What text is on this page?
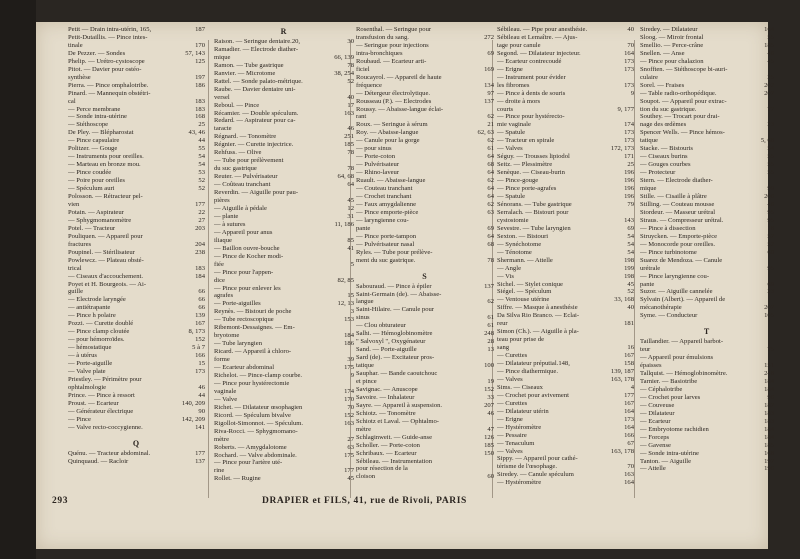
Petit — Drain intra-utérin, 165,	187
Petit-Dutaillis. — Pince intes-
tinale	170
De Pezzer. — Sondes	57, 143
Phelip. — Urétro-cystoscope	125
Pitot. — Davier pour ostéo-
synthèse	197
Pierra. — Pince omphalotribe.	186
Pinard. — Mannequin obstétri-
cal	183
— Perce membrane	183
— Sonde intra-utérine	168
— Stéthoscope	25
De Pley. — Blépharostat	43, 46
— Pince capsulaire	44
Politzer. — Gouge	55
— Instruments pour oreilles.	54
— Marteau en bronze mou.	54
— Pince coudée	53
— Poire pour oreilles	52
— Spéculum auri	52
Polosson. — Rétracteur pel-
vien	177
Potain. — Aspirateur	22
— Sphygmomanomètre	27
Potel. — Tracteur	203
Pouliquen. — Appareil pour
fractures	204
Poupinel. — Stérilisateur	238
Powlewcz. — Plateau obsté-
trical	183
— Ciseaux d'accouchement.	184
Poyet et H. Bourgeois. — Ai-
guille	66
— Electrode laryngée	66
— antiétrapante	66
— Pince h polaire	139
Pozzi. — Curette doublé	167
— Pince clamp cloutée	8, 173
— pour hémorroïdes.	152
— hémostatique	5 à 7
— à utérus	166
— Porte-aiguille	15
— Valve plate	173
Priestley. — Périmètre pour
ophtalmologie	46
Prince. — Pince à ressort	44
Proust. — Ecarteur	140, 209
— Générateur électrique	90
— Pince	142, 209
— Valve recto-coccygienne.	141
Q
Quénu. — Tracteur abdominal.	177
Quinquaud. — Racloir	137
R
Raison. — Seringue dentaire.20,	30
Ramadier. — Electrode diather-
mique	66, 139
Ramon. — Tube gastrique	78
Ranvier. — Microtome	38, 254
Rattel. — Sonde palato-métrique.	52
Raube. — Davier dentaire uni-
versel	40
Reboul. — Pince	17
Récamier. — Double spéculum.	163
Redard. — Aspirateur pour ca-
taracte	46
Régnard. — Tonomètre	251
Régnier. — Curette injectrice.	185
Rehfuss. — Olive	78
— Tube pour prélèvement
du suc gastrique	78
Reuter. — Pulvérisateur	64, 68
— Coûteau tranchant	64
Reverdin. — Aiguille pour pau-
pières	45
— Aiguille à pédale	12
— plante	31
— à sutures	11, 186
— Appareil pour anus
iliaque	85
— Baillon ouvre-bouche	41
— Pince de Kocher modi-
fiée	5
— Pince pour l'appen-
dice	82, 85
— Pince pour enlever les
agrafes	15
— Porte-aiguilles	12, 13
Reynès. — Bistouri de poche	3
— Tube rectoscopique	153
Ribemont-Dessaignes. — Em-
bryotome	184
— Tube laryngien	186
Ricard. — Appareil à chloro-
forme	39
— Ecarteur abdominal	175
Richelot. — Pince-clamp courbe.	9
— Pince pour hystérectomie
vaginale	174
— Valve	170
Richet. — Dilatateur œsophagien	70
Ricord. — Spéculum bivalve	152
Rigollot-Simonnot. — Spéculum.	163
Riva-Rocci. — Sphygmomano-
mètre	27
Roberts. — Amygdalotome	63
Rochard. — Valve abdominale.	175
— Pince pour l'artère uté-
rine	177
Rollet. — Rugine	45
Rosenthal. — Seringue pour
transfusion du sang.	272
— Seringue pour injections
intra-bronchiques	69
Roubaud. — Ecarteur arti-
ficiel	169
Roucayrol. — Appareil de haute
fréquence	134
— Détergeur électrolytique.	97
Rousseau (P.). — Electrodes	137
Roussy. — Abaisse-langue éclai-
rant	62
Roux. — Seringue à sérum	21
Roy. — Abaisse-langue	62, 63
— Canule pour la gorge	62
— pour sinus	61
— Porte-coton	64
— Pulvérisateur	68
— Rhino-laveur	64
Ruault. — Abaisse-langue	62
— Couteau tranchant	64
— Crochet tranchant	64
— Faux amygdalienne	62
— Pince emporte-pièce	63
— laryngienne cou-
pante	69
— Pince porte-tampon	64
— Pulvérisateur nasal	68
Ryles. — Tube pour prélève-
ment du suc gastrique.	78
S
Sabouraud. — Pince à épiler	137
Saint-Germain (de). — Abaisse-
langue	62
Saint-Hilaire. — Canule pour
sinus	61
— Clou obturateur	61
Salhi. — Hémoglobinomètre	248
" Salvoxyl ", Oxygénateur	28
Sand. — Porte-aiguille	13
Sard (de). — Excitateur pros-
tatique	100
Sauphar. — Bande caoutchouc
et pince	19
Savignac. — Anuscope	152
Savoire. — Inhalateur	33
Sayre. — Appareil à suspension.	207
Schiotz. — Tonomètre	46
Schiotz et Laval. — Ophtalmo-
mètre	47
Schlaginweit. — Guide-anse	126
Scholler. — Porte-coton	185
Schribaux. — Ecarteur	150
Sébileau. — Instrumentation
pour résection de la
cloison	60
Sébileau. — Pipe pour anesthésie.	40
Sébileau et Lemaître. — Ajus-
tage pour canule	70
Segond. — Dilatateur injecteur.	164
— Ecarteur contrecoudé	173
— Erigne	173
— Instrument pour évider
les fibromes	173
— Pince à dents de souris	9
— droite à mors
courts	9, 177
— Pince pour hystérecto-
mie vaginale	174
— Spatule	173
— Tracteur en spirale	173
— Valves	172, 173
Séguy. — Trousses lipiodol	171
Seitz. — Plessimètre	25
Senèque. — Ciseau-burin	196
— Pince-gouge	196
— Pince porte-agrafes	196
— Spatule	196
Sénorans. — Tube gastrique	79
Serralach. — Bistouri pour
cystostomie	143
Sevestre. — Tube laryngien	69
Sexton. — Bistouri	54
— Synéchotome	54
— Ténotome	54
Shermann. — Attelle	198
— Angle	199
— Vis	198
Sichel. — Stylet conique	45
Siégel. — Spéculum	52
— Ventouse utérine	33, 168
Siffre. — Masque à anesthésie	40
Da Silva Rio Branco. — Eclai-
reur	181
Simon (Ch.). — Aiguille à pla-
teau pour prise de
sang	16
— Curettes	167
— Dilatateur préputial.148,	158
— Pince diathermique.	139, 187
— Valves	163, 178
Sims. — Ciseaux	4
— Crochet pour avivement	177
— Curettes	167
— Dilatateur utérin	164
— Erigne	173
— Hystéromètre	164
— Pessaire	166
— Tenaculum	67
— Valves	163, 178
Sippy. — Appareil pour cathé-
térisme de l'œsophage.	70
Siredey. — Canule spéculum	163
— Hystéromètre	164
Siredey. — Dilatateur	164
Sloog. — Miroir frontal	55
Smellio. — Perce-crâne	185
Snellen. — Anse	46
— Pince pour chalazion	45
Snofften. — Stéthoscope bi-auri-
culaire	25
Sorel. — Fraises	202
— Table radio-orthopédique.	207
Soupot. — Appareil pour extrac-
tion du suc gastrique.	77
Southey. — Trocart pour drai-
nage des œdèmes	23
Spencer Wells. — Pince hémos-
tatique	5, 68
Stacke. — Bistouris	54
— Ciseaux burins	55
— Gouges courbes	55
— Protecteur	55
Stern. — Electrode diather-
mique	99
Stille. — Cisaille à plâtre	206
Stilling. — Couteau mousse	46
Stordeur. — Masseur urétral	95
Straus. — Compresseur urétral.	95
— Pince à dissection	18
Struycken. — Emporte-pièce	57
— Monocorde pour oreilles.	52
— Pince turbinotome	60
Suarez de Mendoza. — Canule
urétrale	95
— Pince laryngienne cou-
pante	69
Suzor. — Aiguille cannelée	23
Sylvain (Albert). — Appareil de
mécanothérapie	207
Syme. — Conducteur	105
T
Taillandier. — Appareil barbot-
teur	75
— Appareil pour émulsions
épaisses	151
Tallquist. — Hémoglobinomètre.	248
Tarnier. — Basiotribe	184
— Céphalotribe	184
— Crochet pour larves	96
— Couveuse	187
— Dilatateur	183
— Ecarteur	183
— Embryotome rachidien	184
— Forceps	184
— Gavense	185
— Sonde intra-utérine	168
Tanton. — Aiguille	197
— Attelle	196
293	DRAPIER et FILS, 41, rue de Rivoli, PARIS
